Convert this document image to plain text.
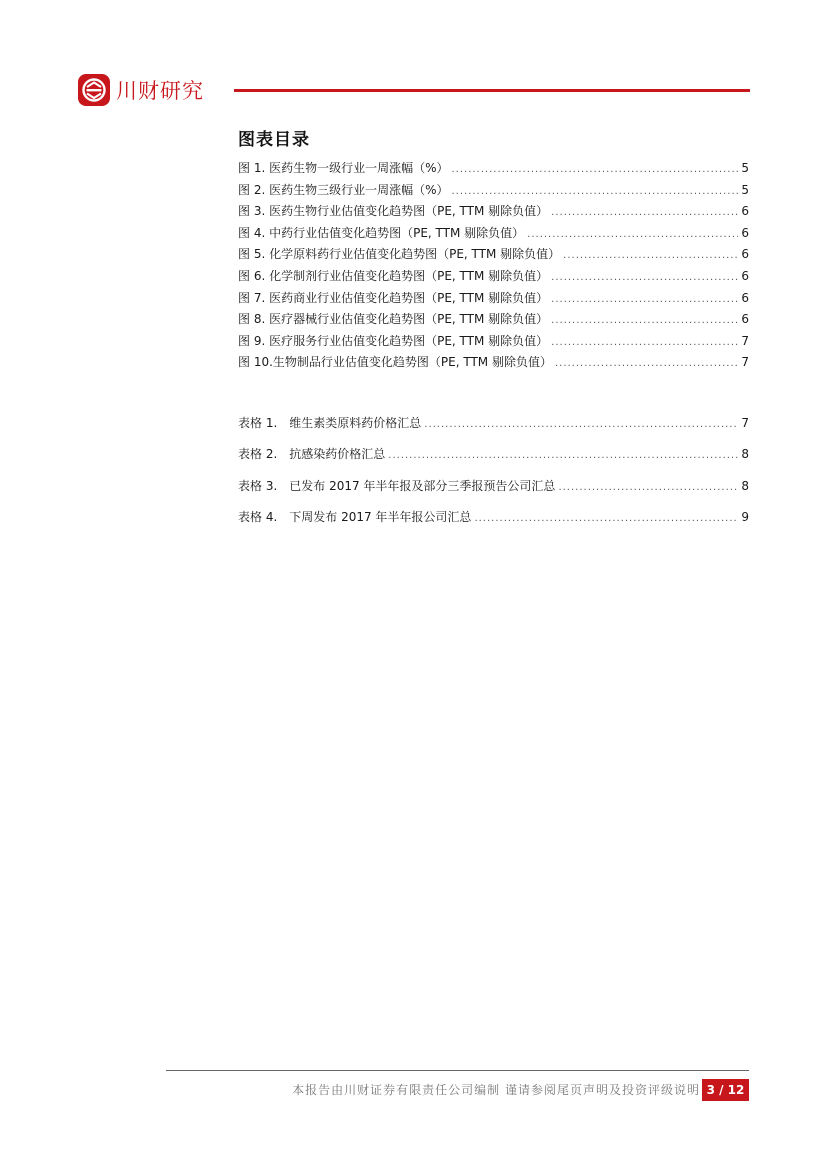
川财研究
图表目录
图 1. 医药生物一级行业一周涨幅（%） .....	5
图 2. 医药生物三级行业一周涨幅（%） .....	5
图 3. 医药生物行业估值变化趋势图（PE, TTM 剔除负值） .....	6
图 4. 中药行业估值变化趋势图（PE, TTM 剔除负值） .....	6
图 5. 化学原料药行业估值变化趋势图（PE, TTM 剔除负值） .....	6
图 6. 化学制剂行业估值变化趋势图（PE, TTM 剔除负值） .....	6
图 7. 医药商业行业估值变化趋势图（PE, TTM 剔除负值） .....	6
图 8. 医疗器械行业估值变化趋势图（PE, TTM 剔除负值） .....	6
图 9. 医疗服务行业估值变化趋势图（PE, TTM 剔除负值） .....	7
图 10.生物制品行业估值变化趋势图（PE, TTM 剔除负值） .....	7
表格 1.　维生素类原料药价格汇总 .....	7
表格 2.　抗感染药价格汇总 .....	8
表格 3.　已发布 2017 年半年报及部分三季报预告公司汇总 .....	8
表格 4.　下周发布 2017 年半年报公司汇总 .....	9
本报告由川财证券有限责任公司编制 谨请参阅尾页声明及投资评级说明 3 / 12
